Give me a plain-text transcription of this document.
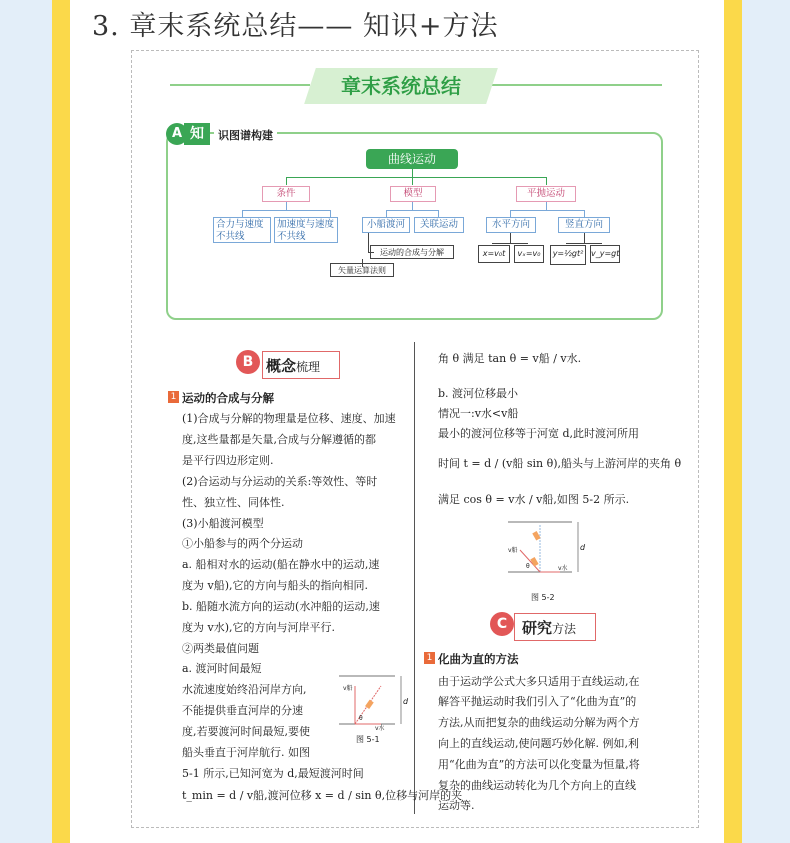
3. 章末系统总结—— 知识+方法
章末系统总结
A 知	识图谱构建
曲线运动
条件	模型	平抛运动
合力与速度
不共线
加速度与速度
不共线
小船渡河	关联运动
运动的合成与分解
矢量运算法则
水平方向	竖直方向
x=v₀t	vₓ=v₀	y=½gt² v_y=gt
B 概念梳理
1 运动的合成与分解
(1)合成与分解的物理量是位移、速度、加速
度,这些量都是矢量,合成与分解遵循的都
是平行四边形定则.
(2)合运动与分运动的关系:等效性、等时
性、独立性、同体性.
(3)小船渡河模型
①小船参与的两个分运动
a. 船相对水的运动(船在静水中的运动,速
度为 v船),它的方向与船头的指向相同.
b. 船随水流方向的运动(水冲船的运动,速
度为 v水),它的方向与河岸平行.
②两类最值问题
a. 渡河时间最短
水流速度始终沿河岸方向,
不能提供垂直河岸的分速
度,若要渡河时间最短,要使
船头垂直于河岸航行. 如图
5-1 所示,已知河宽为 d,最短渡河时间
t_min = d / v船,渡河位移 x = d / sin θ,位移与河岸的夹
d
v船
v水
θ
图 5-1
角 θ 满足 tan θ = v船 / v水.
b. 渡河位移最小
情况一:v水<v船
最小的渡河位移等于河宽 d,此时渡河所用
时间 t = d / (v船 sin θ),船头与上游河岸的夹角 θ
满足 cos θ = v水 / v船,如图 5-2 所示.
d
v船
v水
θ
图 5-2
C 研究方法
1 化曲为直的方法
由于运动学公式大多只适用于直线运动,在
解答平抛运动时我们引入了“化曲为直”的
方法,从而把复杂的曲线运动分解为两个方
向上的直线运动,使问题巧妙化解. 例如,利
用“化曲为直”的方法可以化变量为恒量,将
复杂的曲线运动转化为几个方向上的直线
运动等.
